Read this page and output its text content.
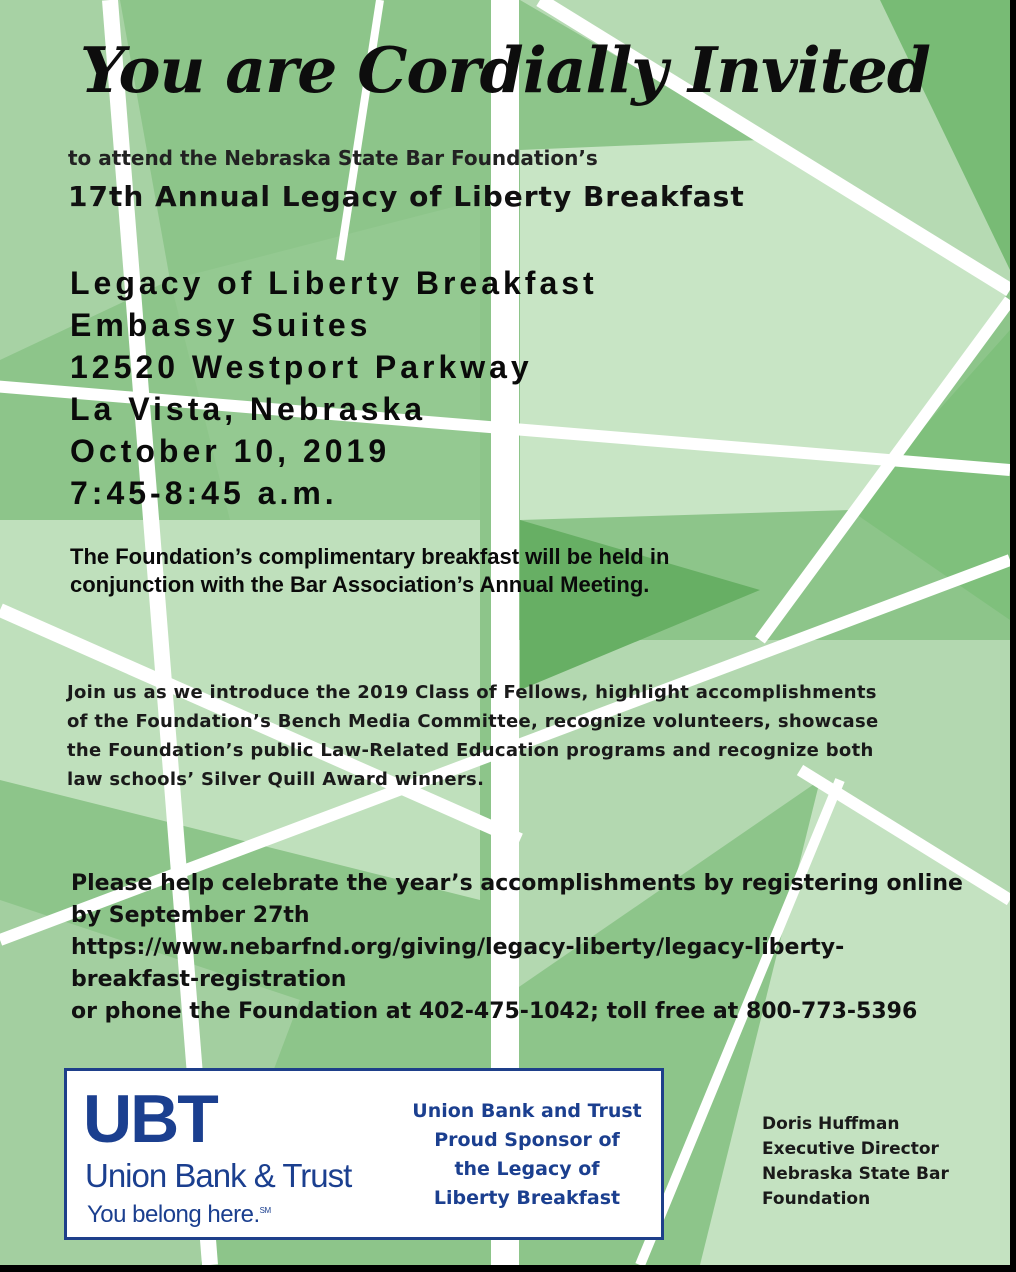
You are Cordially Invited
to attend the Nebraska State Bar Foundation’s
17th Annual Legacy of Liberty Breakfast
Legacy of Liberty Breakfast
Embassy Suites
12520 Westport Parkway
La Vista, Nebraska
October 10, 2019
7:45-8:45 a.m.
The Foundation’s complimentary breakfast will be held in
conjunction with the Bar Association’s Annual Meeting.
Join us as we introduce the 2019 Class of Fellows, highlight accomplishments
of the Foundation’s Bench Media Committee, recognize volunteers, showcase
the Foundation’s public Law-Related Education programs and recognize both
law schools’ Silver Quill Award winners.
Please help celebrate the year’s accomplishments by registering online
by September 27th
https://www.nebarfnd.org/giving/legacy-liberty/legacy-liberty-
breakfast-registration
or phone the Foundation at 402-475-1042; toll free at 800-773-5396
UBT
Union Bank & Trust
You belong here.℠
Union Bank and Trust
Proud Sponsor of
the Legacy of
Liberty Breakfast
Doris Huffman
Executive Director
Nebraska State Bar
Foundation
